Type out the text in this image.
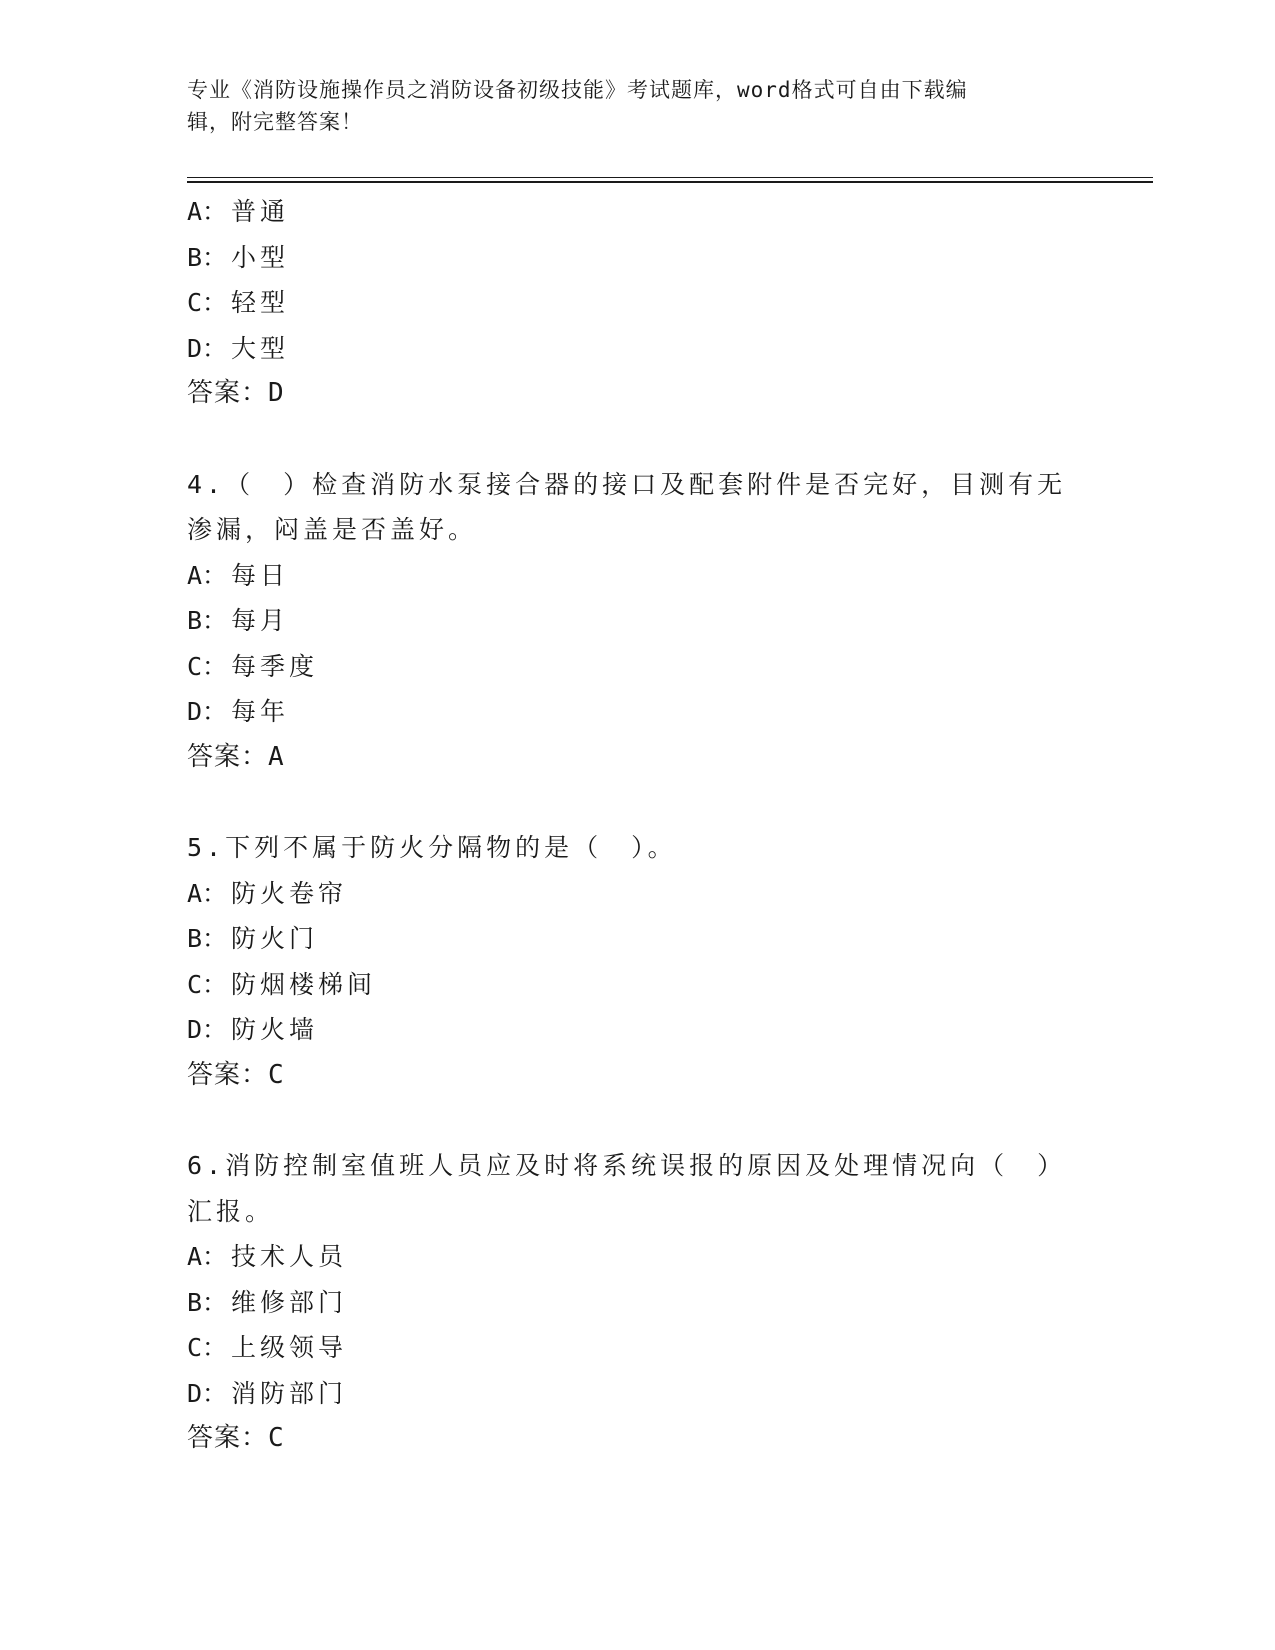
专业《消防设施操作员之消防设备初级技能》考试题库，word格式可自由下载编
辑，附完整答案！
A： 普通
B： 小型
C： 轻型
D： 大型
答案：D
4.（　）检查消防水泵接合器的接口及配套附件是否完好，目测有无
渗漏，闷盖是否盖好。
A： 每日
B： 每月
C： 每季度
D： 每年
答案：A
5.下列不属于防火分隔物的是（　）。
A： 防火卷帘
B： 防火门
C： 防烟楼梯间
D： 防火墙
答案：C
6.消防控制室值班人员应及时将系统误报的原因及处理情况向（　）
汇报。
A： 技术人员
B： 维修部门
C： 上级领导
D： 消防部门
答案：C
